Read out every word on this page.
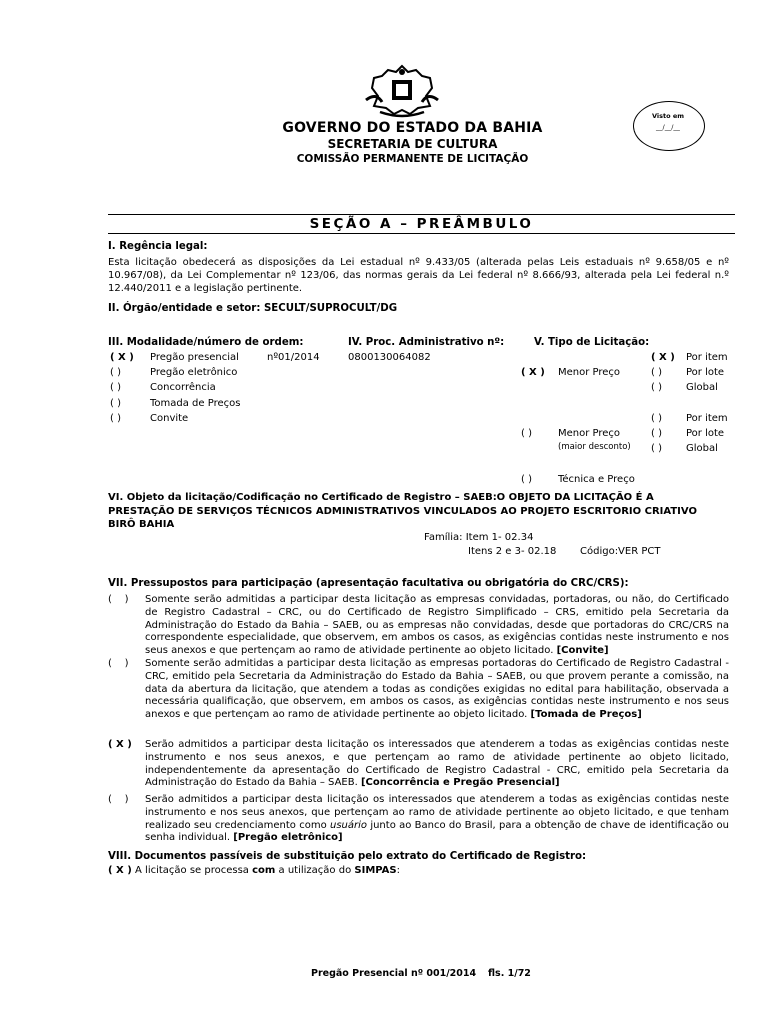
Visto em
__/__/__
GOVERNO DO ESTADO DA BAHIA
SECRETARIA DE CULTURA
COMISSÃO PERMANENTE DE LICITAÇÃO
SEÇÃO A – PREÂMBULO
I. Regência legal:
Esta licitação obedecerá as disposições da Lei estadual nº 9.433/05 (alterada pelas Leis estaduais nº 9.658/05 e nº 10.967/08), da Lei Complementar nº 123/06, das normas gerais da Lei federal nº 8.666/93, alterada pela Lei federal n.º 12.440/2011 e a legislação pertinente.
II. Órgão/entidade e setor: SECULT/SUPROCULT/DG
III. Modalidade/número de ordem:
( X ) Pregão presencial	nº01/2014
( )	Pregão eletrônico
( )	Concorrência
( )	Tomada de Preços
( )	Convite
IV. Proc. Administrativo nº:
0800130064082
V. Tipo de Licitação:
( X ) Menor Preço
( X ) Por item
( ) Por lote
( ) Global
( )	Menor Preço
(maior desconto)
( ) Por item
( ) Por lote
( ) Global
( )	Técnica e Preço
VI. Objeto da licitação/Codificação no Certificado de Registro – SAEB:O OBJETO DA LICITAÇÃO É A PRESTAÇÃO DE SERVIÇOS TÉCNICOS ADMINISTRATIVOS VINCULADOS AO PROJETO ESCRITORIO CRIATIVO BIRÔ BAHIA
Família: Item 1- 02.34
Itens 2 e 3- 02.18 Código:VER PCT
VII. Pressupostos para participação (apresentação facultativa ou obrigatória do CRC/CRS):
(    ) Somente serão admitidas a participar desta licitação as empresas convidadas, portadoras, ou não, do Certificado de Registro Cadastral – CRC, ou do Certificado de Registro Simplificado – CRS, emitido pela Secretaria da Administração do Estado da Bahia – SAEB, ou as empresas não convidadas, desde que portadoras do CRC/CRS na correspondente especialidade, que observem, em ambos os casos, as exigências contidas neste instrumento e nos seus anexos e que pertençam ao ramo de atividade pertinente ao objeto licitado. [Convite]
(    ) Somente serão admitidas a participar desta licitação as empresas portadoras do Certificado de Registro Cadastral - CRC, emitido pela Secretaria da Administração do Estado da Bahia – SAEB, ou que provem perante a comissão, na data da abertura da licitação, que atendem a todas as condições exigidas no edital para habilitação, observada a necessária qualificação, que observem, em ambos os casos, as exigências contidas neste instrumento e nos seus anexos e que pertençam ao ramo de atividade pertinente ao objeto licitado. [Tomada de Preços]
( X ) Serão admitidos a participar desta licitação os interessados que atenderem a todas as exigências contidas neste instrumento e nos seus anexos, e que pertençam ao ramo de atividade pertinente ao objeto licitado, independentemente da apresentação do Certificado de Registro Cadastral - CRC, emitido pela Secretaria da Administração do Estado da Bahia – SAEB. [Concorrência e Pregão Presencial]
(    ) Serão admitidos a participar desta licitação os interessados que atenderem a todas as exigências contidas neste instrumento e nos seus anexos, que pertençam ao ramo de atividade pertinente ao objeto licitado, e que tenham realizado seu credenciamento como usuário junto ao Banco do Brasil, para a obtenção de chave de identificação ou senha individual. [Pregão eletrônico]
VIII. Documentos passíveis de substituição pelo extrato do Certificado de Registro:
( X ) A licitação se processa com a utilização do SIMPAS:
Pregão Presencial nº 001/2014 fls. 1/72
